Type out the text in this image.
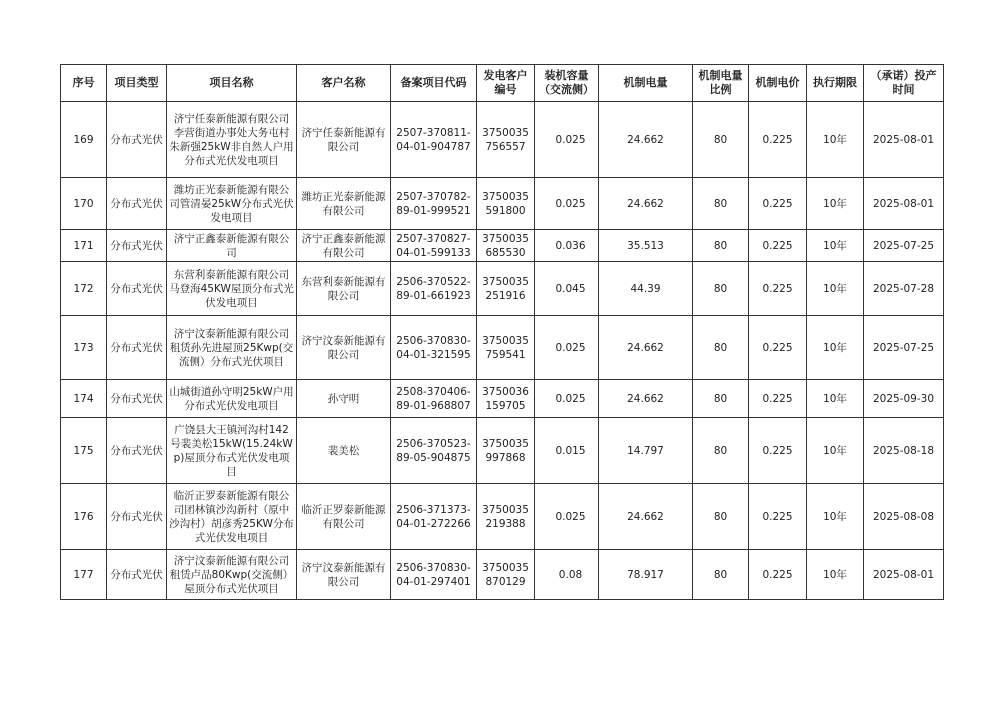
序号	项目类型	项目名称	客户名称	备案项目代码	发电客户编号	装机容量（交流侧）	机制电量	机制电量比例	机制电价	执行期限	（承诺）投产时间
169	分布式光伏	济宁任泰新能源有限公司李营街道办事处大务屯村朱新强25kW非自然人户用分布式光伏发电项目	济宁任泰新能源有限公司	2507-370811-04-01-904787	3750035756557	0.025	24.662	80	0.225	10年	2025-08-01
170	分布式光伏	潍坊正光泰新能源有限公司管清晏25kW分布式光伏发电项目	潍坊正光泰新能源有限公司	2507-370782-89-01-999521	3750035591800	0.025	24.662	80	0.225	10年	2025-08-01
171	分布式光伏	济宁正鑫泰新能源有限公司	济宁正鑫泰新能源有限公司	2507-370827-04-01-599133	3750035685530	0.036	35.513	80	0.225	10年	2025-07-25
172	分布式光伏	东营利泰新能源有限公司马登海45KW屋顶分布式光伏发电项目	东营利泰新能源有限公司	2506-370522-89-01-661923	3750035251916	0.045	44.39	80	0.225	10年	2025-07-28
173	分布式光伏	济宁汶泰新能源有限公司租赁孙先进屋顶25Kwp(交流侧）分布式光伏项目	济宁汶泰新能源有限公司	2506-370830-04-01-321595	3750035759541	0.025	24.662	80	0.225	10年	2025-07-25
174	分布式光伏	山城街道孙守明25kW户用分布式光伏发电项目	孙守明	2508-370406-89-01-968807	3750036159705	0.025	24.662	80	0.225	10年	2025-09-30
175	分布式光伏	广饶县大王镇河沟村142号裴美松15kW(15.24kWp)屋顶分布式光伏发电项目	裴美松	2506-370523-89-05-904875	3750035997868	0.015	14.797	80	0.225	10年	2025-08-18
176	分布式光伏	临沂正罗泰新能源有限公司团林镇沙沟新村（原中沙沟村）胡彦秀25KW分布式光伏发电项目	临沂正罗泰新能源有限公司	2506-371373-04-01-272266	3750035219388	0.025	24.662	80	0.225	10年	2025-08-08
177	分布式光伏	济宁汶泰新能源有限公司租赁卢品80Kwp(交流侧）屋顶分布式光伏项目	济宁汶泰新能源有限公司	2506-370830-04-01-297401	3750035870129	0.08	78.917	80	0.225	10年	2025-08-01
